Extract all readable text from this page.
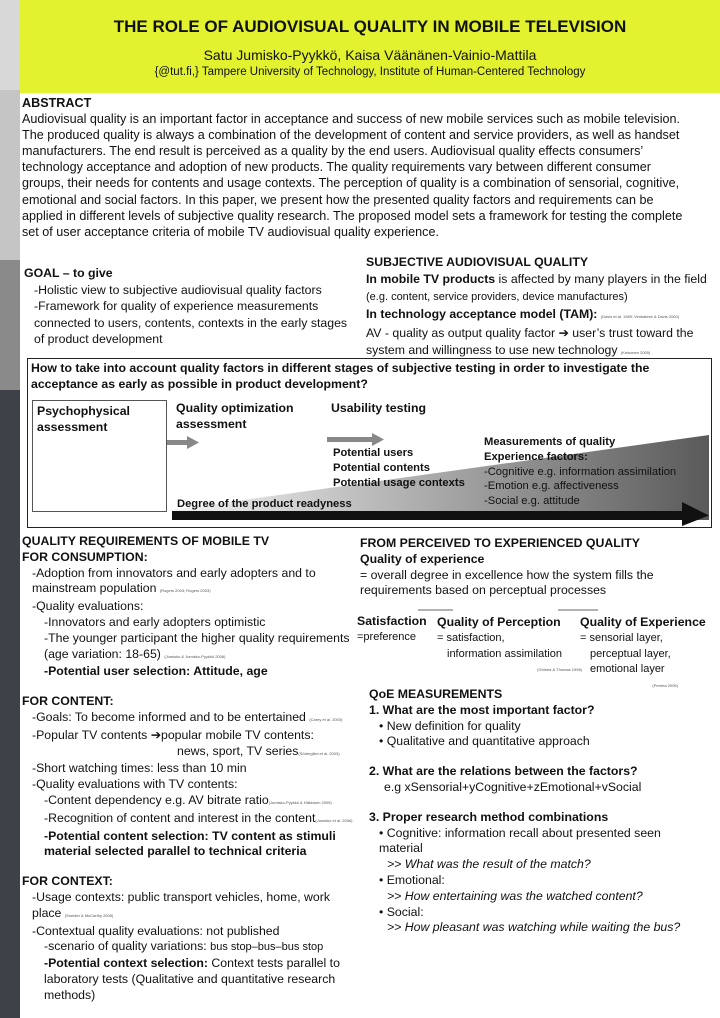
THE ROLE OF AUDIOVISUAL QUALITY IN MOBILE TELEVISION
Satu Jumisko-Pyykkö, Kaisa Väänänen-Vainio-Mattila
{@tut.fi,} Tampere University of Technology, Institute of Human-Centered Technology
ABSTRACT
Audiovisual quality is an important factor in acceptance and success of new mobile services such as mobile television. The produced quality is always a combination of the development of content and service providers, as well as handset manufacturers. The end result is perceived as a quality by the end users. Audiovisual quality effects consumers’ technology acceptance and adoption of new products. The quality requirements vary between different consumer groups, their needs for contents and usage contexts. The perception of quality is a combination of sensorial, cognitive, emotional and social factors. In this paper, we present how the presented quality factors and requirements can be applied in different levels of subjective quality research. The proposed model sets a framework for testing the complete set of user acceptance criteria of mobile TV audiovisual quality experience.
GOAL – to give
-Holistic view to subjective audiovisual quality factors
-Framework for quality of experience measurements connected to users, contents, contexts in the early stages of product development
SUBJECTIVE AUDIOVISUAL QUALITY
In mobile TV products is affected by many players in the field (e.g. content, service providers, device manufactures)
In technology acceptance model (TAM): (Davis et al. 1989; Venkatesh & Davis 2000)
AV - quality as output quality factor ➔ user’s trust toward the system and willingness to use new technology (Kelsonen 2005)
How to take into account quality factors in different stages of subjective testing in order to investigate the acceptance as early as possible in product development?
Psychophysical assessment
Quality optimization assessment
Usability testing
Potential users
Potential contents
Potential usage contexts
Measurements of quality
Experience factors:
-Cognitive e.g. information assimilation
-Emotion e.g. affectiveness
-Social e.g. attitude
Degree of the product readyness
QUALITY REQUIREMENTS OF MOBILE TV
FOR CONSUMPTION:
-Adoption from innovators and early adopters and to mainstream population (Rogers 2003; Rogers 2003)
-Quality evaluations:
-Innovators and early adopters optimistic
-The younger participant the higher quality requirements (age variation: 18-65) (Jumisko & Jumisko-Pyykkö 2006)
-Potential user selection: Attitude, age
FOR CONTENT:
-Goals: To become informed and to be entertained (Carey et al. 2003)
-Popular TV contents ➔popular mobile TV contents:
news, sport, TV series(Södergård et al. 2003)
-Short watching times: less than 10 min
-Quality evaluations with TV contents:
-Content dependency e.g. AV bitrate ratio(Jumisko-Pyykkö & Häkkinen 2005)
-Recognition of content and interest in the content(Jumisko et al. 2006)
-Potential content selection: TV content as stimuli material selected parallel to technical criteria
FOR CONTEXT:
-Usage contexts: public transport vehicles, home, work place (Sneider & McCarthy 2005)
-Contextual quality evaluations: not published
-scenario of quality variations: bus stop–bus–bus stop
-Potential context selection: Context tests parallel to laboratory tests (Qualitative and quantitative research methods)
FROM PERCEIVED TO EXPERIENCED QUALITY
Quality of experience
= overall degree in excellence how the system fills the requirements based on perceptual processes
Satisfaction
=preference
Quality of Perception
= satisfaction,
information assimilation
(Ghinea & Thomas 1998)
Quality of Experience
= sensorial layer,
perceptual layer,
emotional layer
(Pereira 2005)
QoE MEASUREMENTS
1. What are the most important factor?
• New definition for quality
• Qualitative and quantitative approach
2. What are the relations between the factors?
e.g xSensorial+yCognitive+zEmotional+vSocial
3. Proper research method combinations
• Cognitive: information recall about presented seen material
>> What was the result of the match?
• Emotional:
>> How entertaining was the watched content?
• Social:
>> How pleasant was watching while waiting the bus?
